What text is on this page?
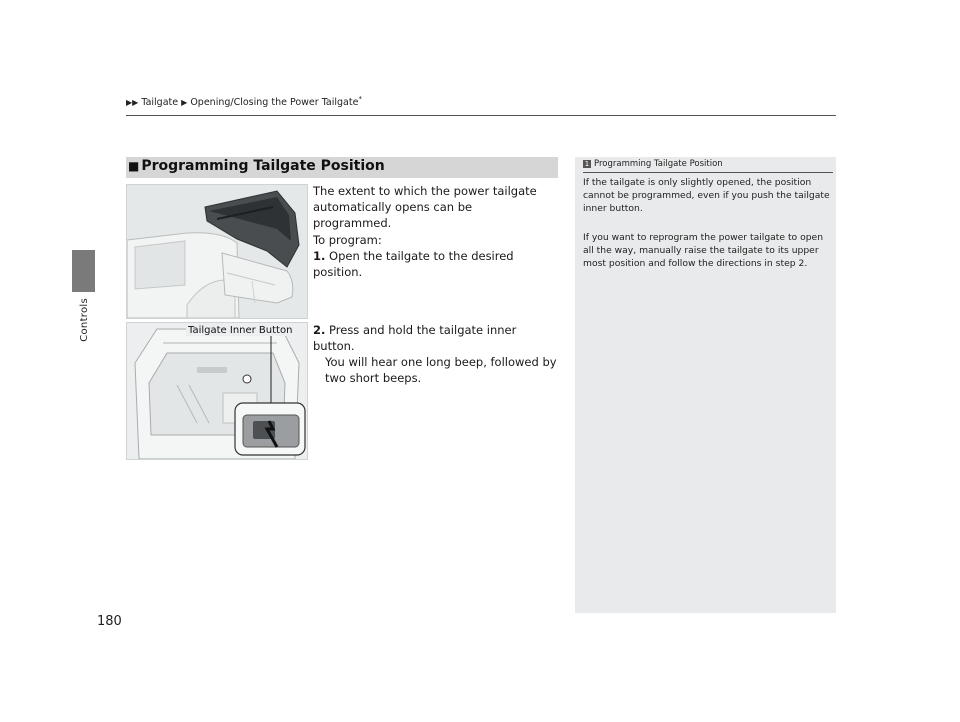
▶▶ Tailgate ▶ Opening/Closing the Power Tailgate*
Controls
■ Programming Tailgate Position
Tailgate Inner Button
The extent to which the power tailgate automatically opens can be programmed.
To program:
1. Open the tailgate to the desired position.
2. Press and hold the tailgate inner button.
You will hear one long beep, followed by
two short beeps.
1 Programming Tailgate Position
If the tailgate is only slightly opened, the position cannot be programmed, even if you push the tailgate inner button.
If you want to reprogram the power tailgate to open all the way, manually raise the tailgate to its upper most position and follow the directions in step 2.
180
